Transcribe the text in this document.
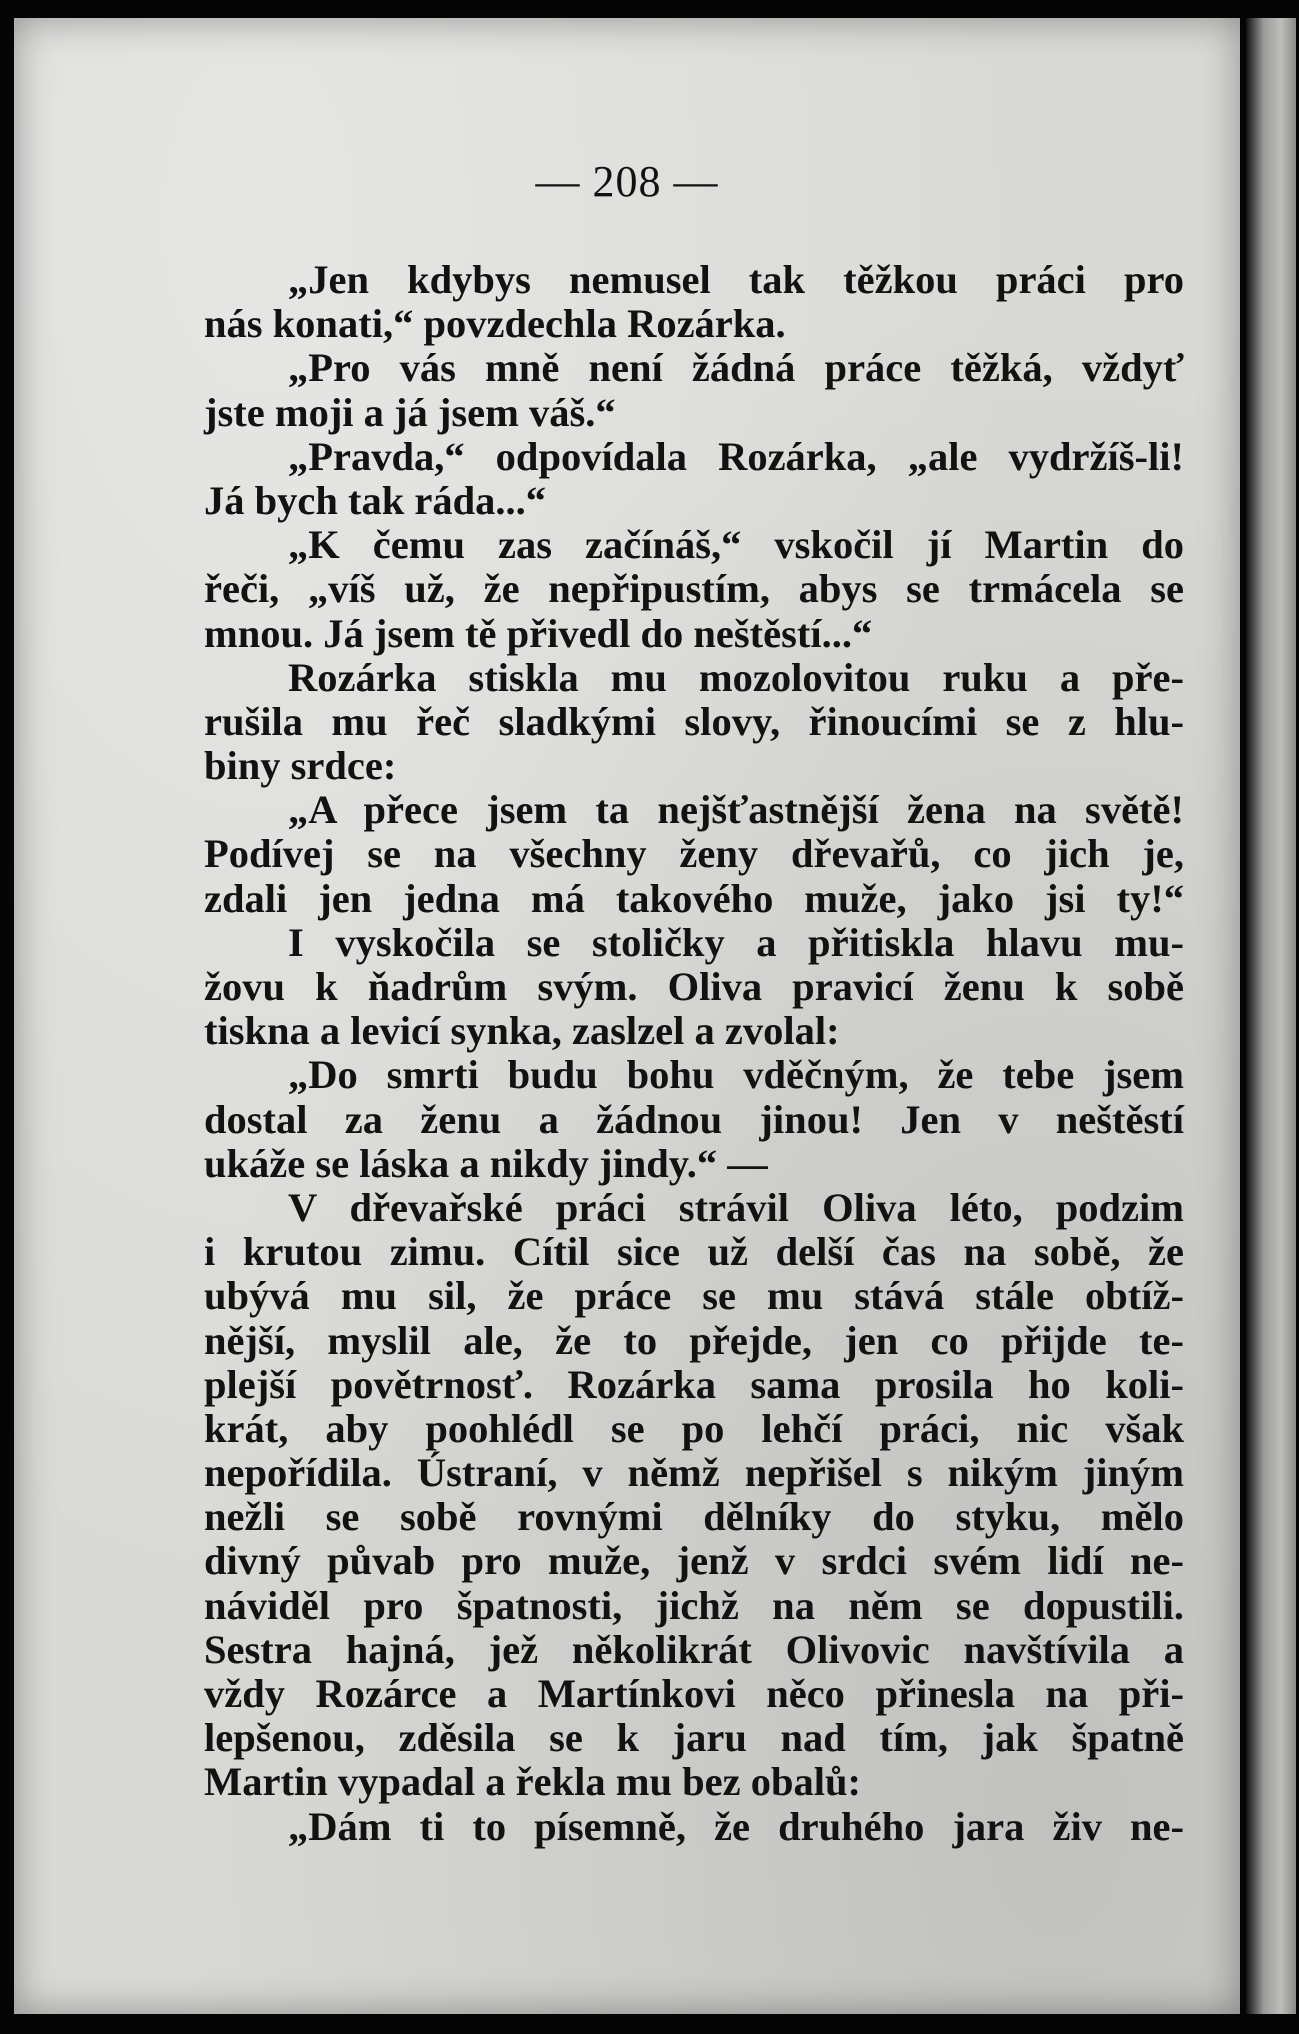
— 208 —
„Jen kdybys nemusel tak těžkou práci pro
nás konati,“ povzdechla Rozárka.
„Pro vás mně není žádná práce těžká, vždyť
jste moji a já jsem váš.“
„Pravda,“ odpovídala Rozárka, „ale vydržíš-li!
Já bych tak ráda...“
„K čemu zas začínáš,“ vskočil jí Martin do
řeči, „víš už, že nepřipustím, abys se trmácela se
mnou. Já jsem tě přivedl do neštěstí...“
Rozárka stiskla mu mozolovitou ruku a pře-
rušila mu řeč sladkými slovy, řinoucími se z hlu-
biny srdce:
„A přece jsem ta nejšťastnější žena na světě!
Podívej se na všechny ženy dřevařů, co jich je,
zdali jen jedna má takového muže, jako jsi ty!“
I vyskočila se stoličky a přitiskla hlavu mu-
žovu k ňadrům svým. Oliva pravicí ženu k sobě
tiskna a levicí synka, zaslzel a zvolal:
„Do smrti budu bohu vděčným, že tebe jsem
dostal za ženu a žádnou jinou! Jen v neštěstí
ukáže se láska a nikdy jindy.“ —
V dřevařské práci strávil Oliva léto, podzim
i krutou zimu. Cítil sice už delší čas na sobě, že
ubývá mu sil, že práce se mu stává stále obtíž-
nější, myslil ale, že to přejde, jen co přijde te-
plejší povětrnosť. Rozárka sama prosila ho koli-
krát, aby poohlédl se po lehčí práci, nic však
nepořídila. Ústraní, v němž nepřišel s nikým jiným
nežli se sobě rovnými dělníky do styku, mělo
divný půvab pro muže, jenž v srdci svém lidí ne-
náviděl pro špatnosti, jichž na něm se dopustili.
Sestra hajná, jež několikrát Olivovic navštívila a
vždy Rozárce a Martínkovi něco přinesla na při-
lepšenou, zděsila se k jaru nad tím, jak špatně
Martin vypadal a řekla mu bez obalů:
„Dám ti to písemně, že druhého jara živ ne-
